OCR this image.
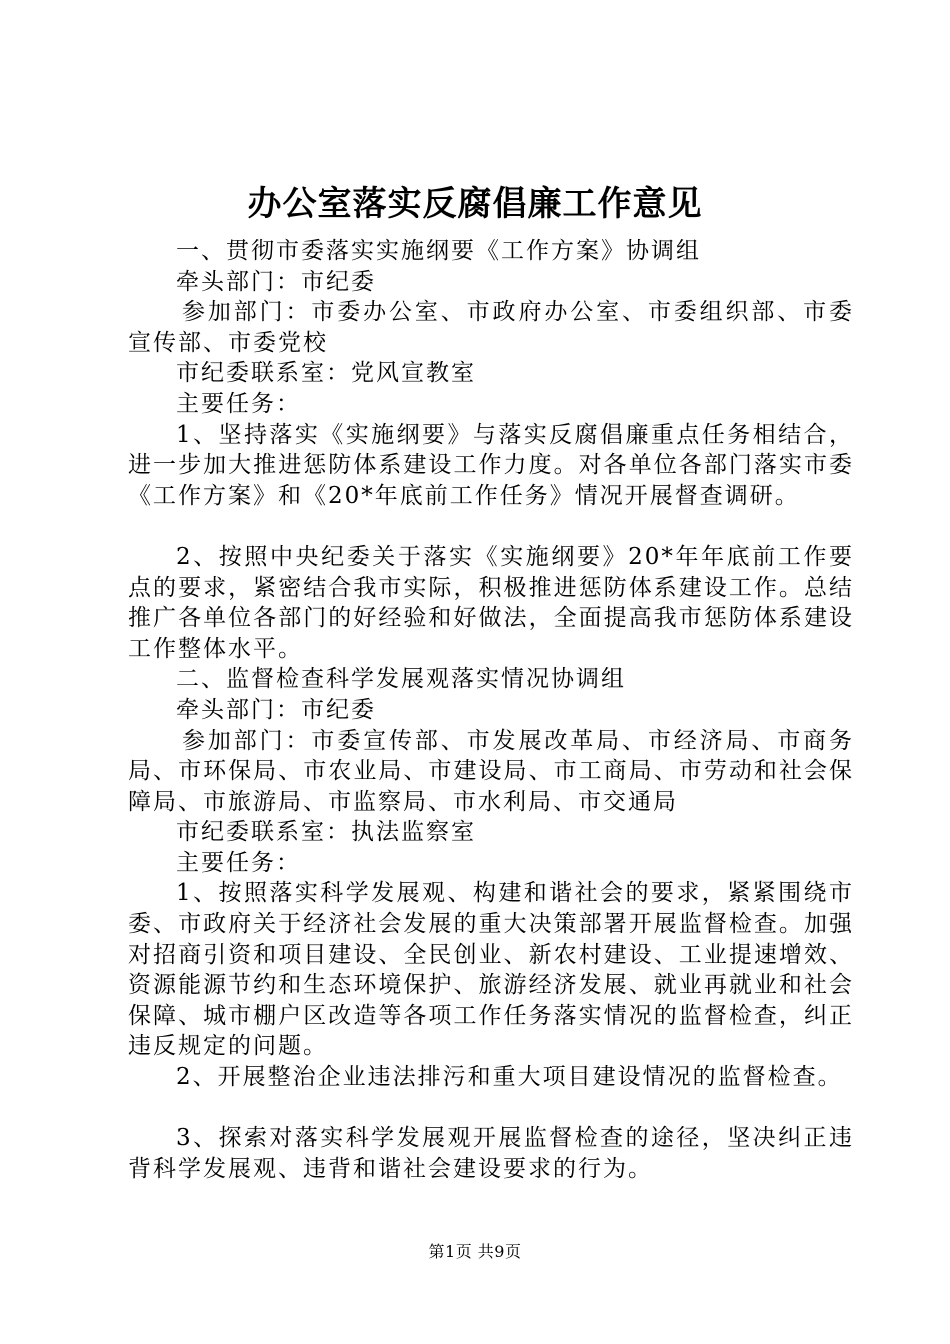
办公室落实反腐倡廉工作意见

一、贯彻市委落实实施纲要《工作方案》协调组

牵头部门：市纪委

参加部门：市委办公室、市政府办公室、市委组织部、市委宣传部、市委党校

市纪委联系室：党风宣教室

主要任务：

1、坚持落实《实施纲要》与落实反腐倡廉重点任务相结合，进一步加大推进惩防体系建设工作力度。对各单位各部门落实市委《工作方案》和《20*年底前工作任务》情况开展督查调研。

2、按照中央纪委关于落实《实施纲要》20*年年底前工作要点的要求，紧密结合我市实际，积极推进惩防体系建设工作。总结推广各单位各部门的好经验和好做法，全面提高我市惩防体系建设工作整体水平。

二、监督检查科学发展观落实情况协调组

牵头部门：市纪委

参加部门：市委宣传部、市发展改革局、市经济局、市商务局、市环保局、市农业局、市建设局、市工商局、市劳动和社会保障局、市旅游局、市监察局、市水利局、市交通局

市纪委联系室：执法监察室

主要任务：

1、按照落实科学发展观、构建和谐社会的要求，紧紧围绕市委、市政府关于经济社会发展的重大决策部署开展监督检查。加强对招商引资和项目建设、全民创业、新农村建设、工业提速增效、资源能源节约和生态环境保护、旅游经济发展、就业再就业和社会保障、城市棚户区改造等各项工作任务落实情况的监督检查，纠正违反规定的问题。

2、开展整治企业违法排污和重大项目建设情况的监督检查。

3、探索对落实科学发展观开展监督检查的途径，坚决纠正违背科学发展观、违背和谐社会建设要求的行为。

第1页 共9页
